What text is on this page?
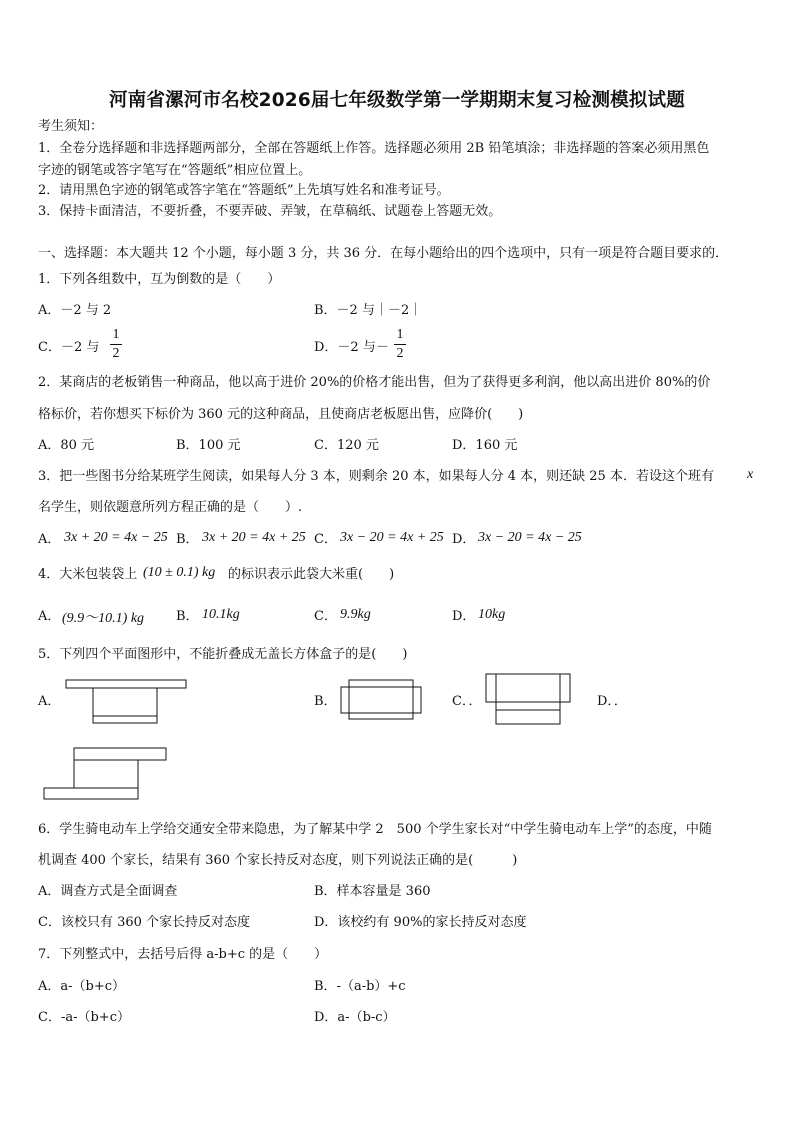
河南省漯河市名校2026届七年级数学第一学期期末复习检测模拟试题
考生须知：
1．全卷分选择题和非选择题两部分，全部在答题纸上作答。选择题必须用 2B 铅笔填涂；非选择题的答案必须用黑色
字迹的钢笔或答字笔写在“答题纸”相应位置上。
2．请用黑色字迹的钢笔或答字笔在“答题纸”上先填写姓名和准考证号。
3．保持卡面清洁，不要折叠，不要弄破、弄皱，在草稿纸、试题卷上答题无效。
一、选择题：本大题共 12 个小题，每小题 3 分，共 36 分．在每小题给出的四个选项中，只有一项是符合题目要求的．
1．下列各组数中，互为倒数的是（　　）
A．－2 与 2	B．－2 与｜－2｜
C．－2 与
1
2	D．－2 与－
1
2
2．某商店的老板销售一种商品，他以高于进价 20%的价格才能出售，但为了获得更多利润，他以高出进价 80%的价
格标价，若你想买下标价为 360 元的这种商品，且使商店老板愿出售，应降价(　　)
A．80 元	B．100 元	C．120 元	D．160 元
3．把一些图书分给某班学生阅读，如果每人分 3 本，则剩余 20 本，如果每人分 4 本，则还缺 25 本．若设这个班有 x
名学生，则依题意所列方程正确的是（　　）.
A． 3x + 20 = 4x − 25 B． 3x + 20 = 4x + 25 C． 3x − 20 = 4x + 25 D． 3x − 20 = 4x − 25
4．大米包装袋上 (10 ± 0.1) kg 的标识表示此袋大米重(　　)
A． (9.9～10.1) kg B． 10.1kg	C． 9.9kg	D． 10kg
5．下列四个平面图形中，不能折叠成无盖长方体盒子的是(　　)
A．	B．	C．．	D．．
6．学生骑电动车上学给交通安全带来隐患，为了解某中学 2　500 个学生家长对“中学生骑电动车上学”的态度，中随
机调查 400 个家长，结果有 360 个家长持反对态度，则下列说法正确的是(　　　)
A．调查方式是全面调查	B．样本容量是 360
C．该校只有 360 个家长持反对态度	D．该校约有 90%的家长持反对态度
7．下列整式中，去括号后得 a-b+c 的是（　　）
A．a-（b+c）	B．-（a-b）+c
C．-a-（b+c）	D．a-（b-c）
